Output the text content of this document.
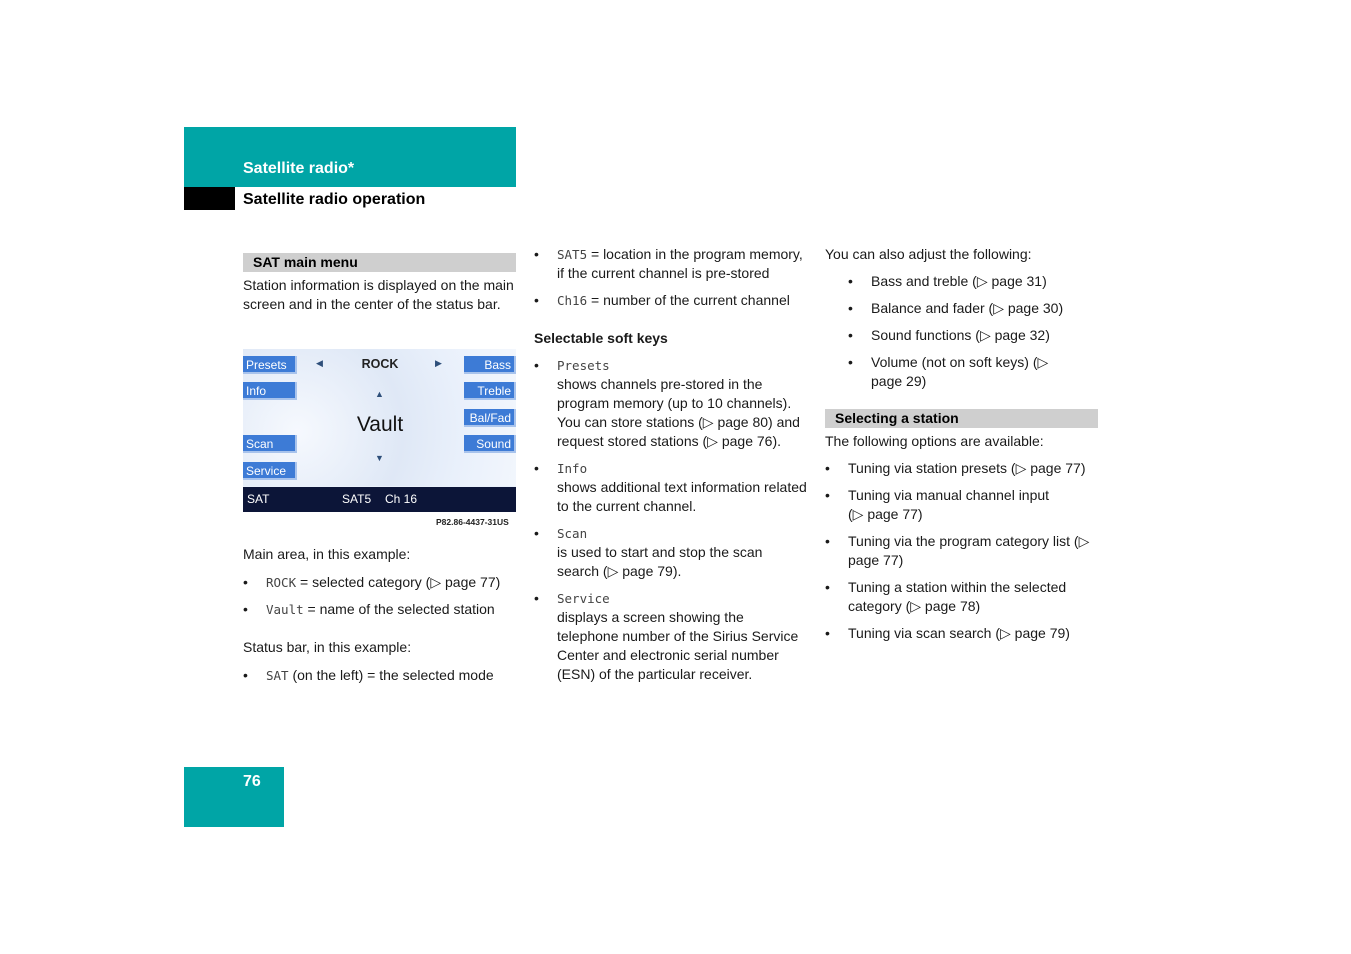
Satellite radio*
Satellite radio operation
SAT main menu
Station information is displayed on the main screen and in the center of the status bar.
Presets
Info
Scan
Service
Bass
Treble
Bal/Fad
Sound
◀	▶
▲
▼
ROCK
Vault
SAT	SAT5 Ch 16
P82.86-4437-31US
Main area, in this example:
• ROCK = selected category (▷ page 77)
• Vault = name of the selected station
Status bar, in this example:
• SAT (on the left) = the selected mode
• SAT5 = location in the program memory, if the current channel is pre-stored
• Ch16 = number of the current channel
Selectable soft keys
• Presets
shows channels pre-stored in the program memory (up to 10 channels). You can store stations (▷ page 80) and request stored stations (▷ page 76).
• Info
shows additional text information related to the current channel.
• Scan
is used to start and stop the scan search (▷ page 79).
• Service
displays a screen showing the telephone number of the Sirius Service Center and electronic serial number (ESN) of the particular receiver.
You can also adjust the following:
• Bass and treble (▷ page 31)
• Balance and fader (▷ page 30)
• Sound functions (▷ page 32)
• Volume (not on soft keys) (▷ page 29)
Selecting a station
The following options are available:
• Tuning via station presets (▷ page 77)
• Tuning via manual channel input (▷ page 77)
• Tuning via the program category list (▷ page 77)
• Tuning a station within the selected category (▷ page 78)
• Tuning via scan search (▷ page 79)
76
